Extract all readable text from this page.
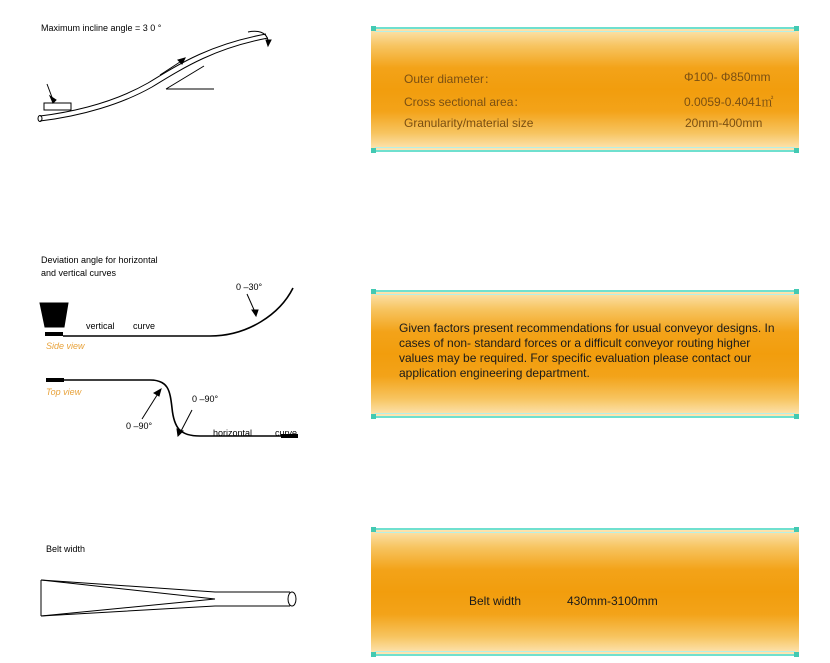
Maximum incline angle = 3 0 °
Deviation angle for horizontal
and vertical curves
0 –30°
vertical curve
Side view
Top view
0 –90°
0 –90°
horizontal	curve
Belt width
Outer diameter：	Φ100- Φ850mm
Cross sectional area：	0.0059-0.4041㎡
Granularity/material size	20mm-400mm
Given factors present recommendations for usual conveyor designs. In cases of non- standard forces or a difficult conveyor routing higher values may be required. For specific evaluation please contact our application engineering department.
Belt width	430mm-3100mm
